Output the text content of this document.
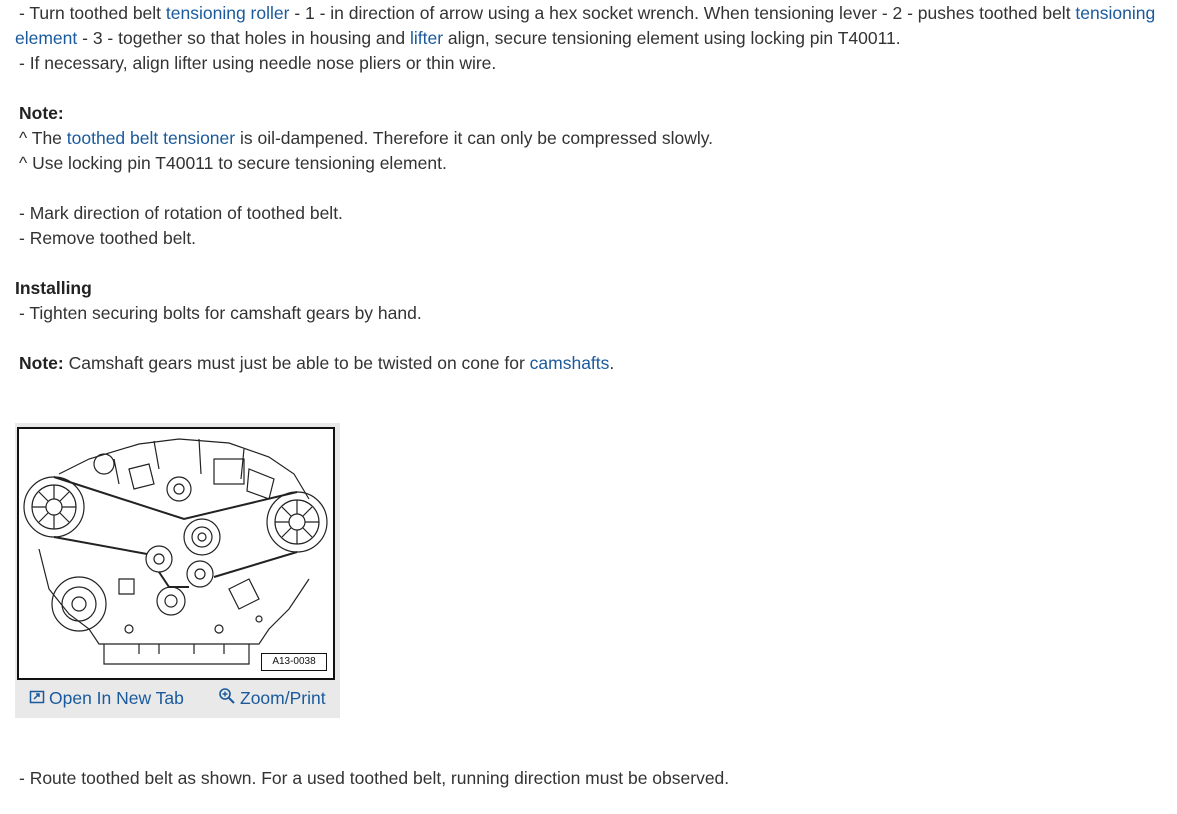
- Turn toothed belt tensioning roller - 1 - in direction of arrow using a hex socket wrench. When tensioning lever - 2 - pushes toothed belt tensioning
element - 3 - together so that holes in housing and lifter align, secure tensioning element using locking pin T40011.
- If necessary, align lifter using needle nose pliers or thin wire.
Note:
^ The toothed belt tensioner is oil-dampened. Therefore it can only be compressed slowly.
^ Use locking pin T40011 to secure tensioning element.
- Mark direction of rotation of toothed belt.
- Remove toothed belt.
Installing
- Tighten securing bolts for camshaft gears by hand.
Note: Camshaft gears must just be able to be twisted on cone for camshafts.
A13-0038
Open In New Tab	Zoom/Print
- Route toothed belt as shown. For a used toothed belt, running direction must be observed.
